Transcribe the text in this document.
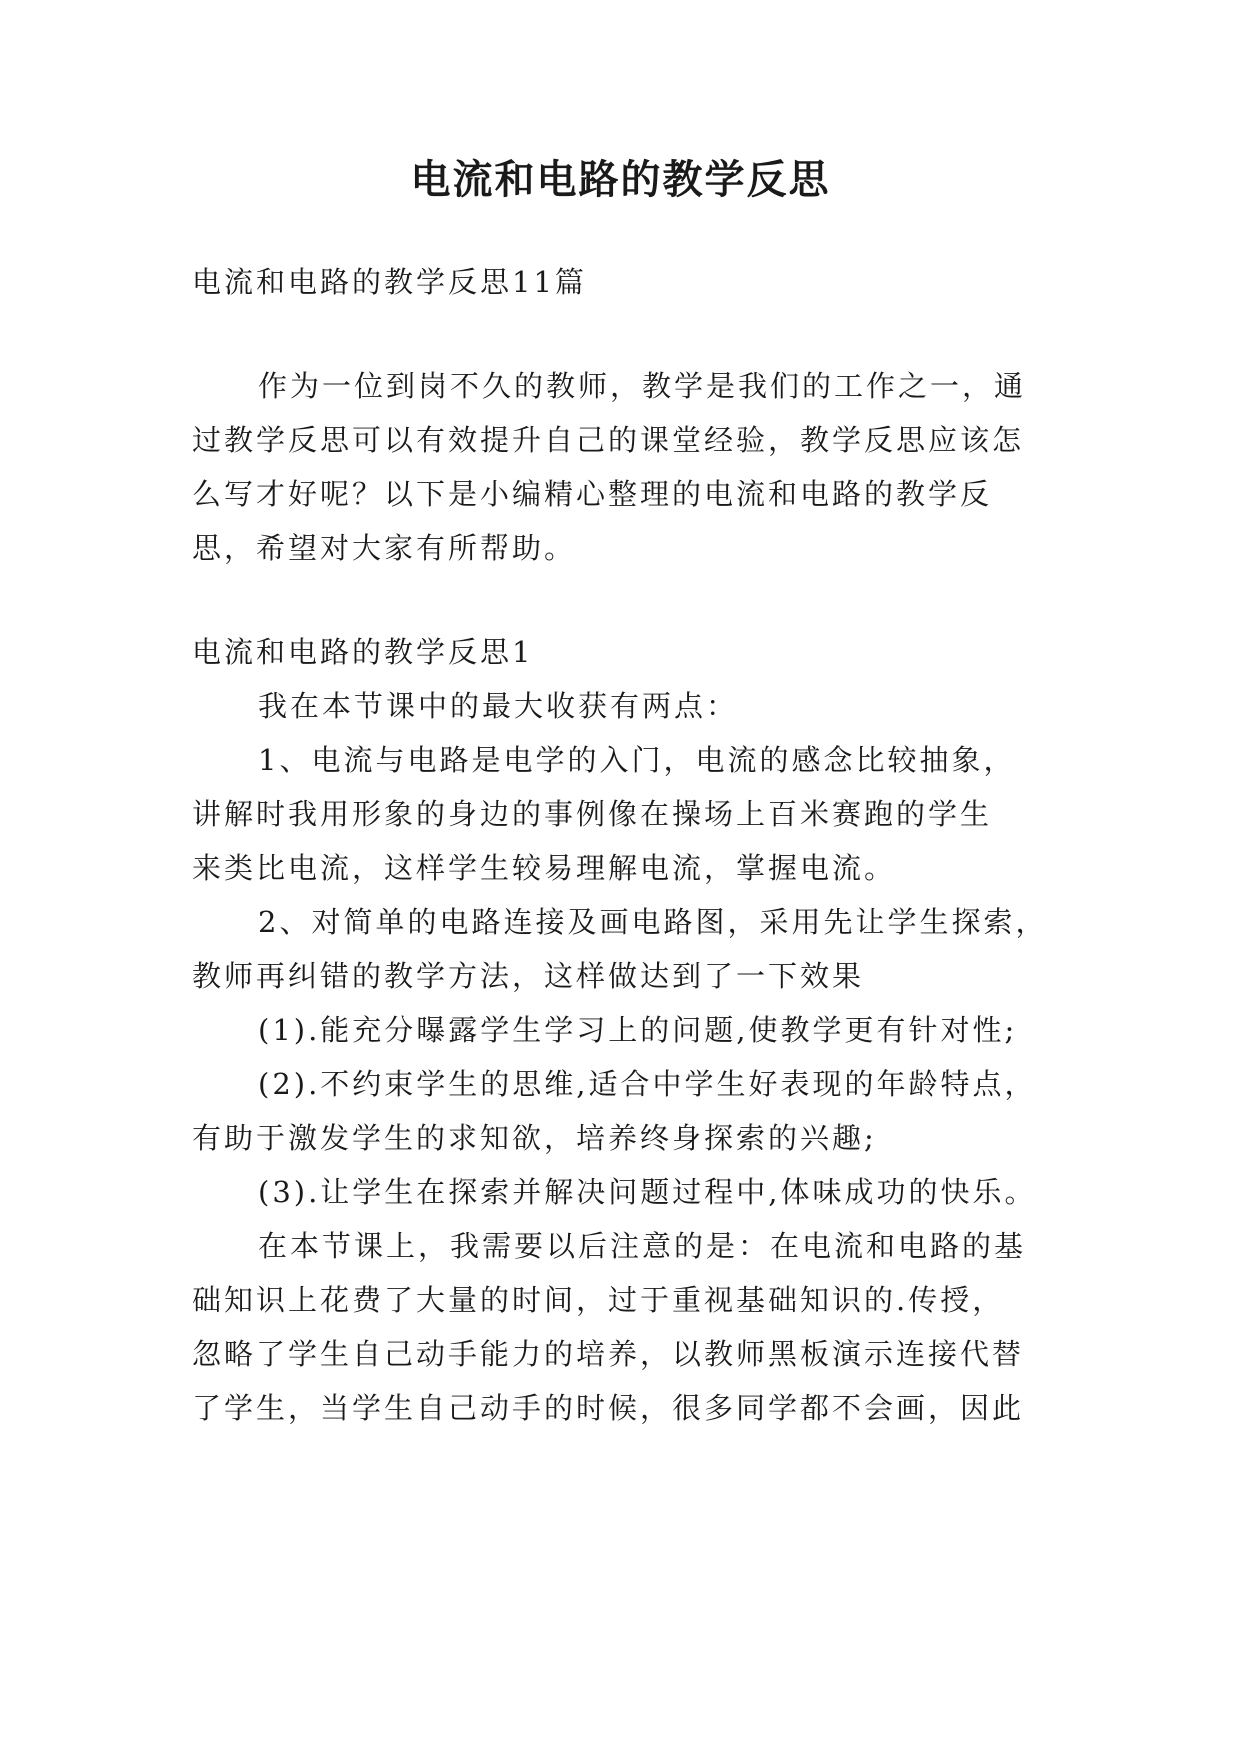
电流和电路的教学反思

电流和电路的教学反思11篇

作为一位到岗不久的教师，教学是我们的工作之一，通

过教学反思可以有效提升自己的课堂经验，教学反思应该怎

么写才好呢？以下是小编精心整理的电流和电路的教学反

思，希望对大家有所帮助。

电流和电路的教学反思1

我在本节课中的最大收获有两点：

1、电流与电路是电学的入门，电流的感念比较抽象，

讲解时我用形象的身边的事例像在操场上百米赛跑的学生

来类比电流，这样学生较易理解电流，掌握电流。

2、对简单的电路连接及画电路图，采用先让学生探索，

教师再纠错的教学方法，这样做达到了一下效果

(1).能充分曝露学生学习上的问题,使教学更有针对性;

(2).不约束学生的思维,适合中学生好表现的年龄特点，

有助于激发学生的求知欲，培养终身探索的兴趣;

(3).让学生在探索并解决问题过程中,体味成功的快乐。

在本节课上，我需要以后注意的是：在电流和电路的基

础知识上花费了大量的时间，过于重视基础知识的.传授，

忽略了学生自己动手能力的培养，以教师黑板演示连接代替

了学生，当学生自己动手的时候，很多同学都不会画，因此
